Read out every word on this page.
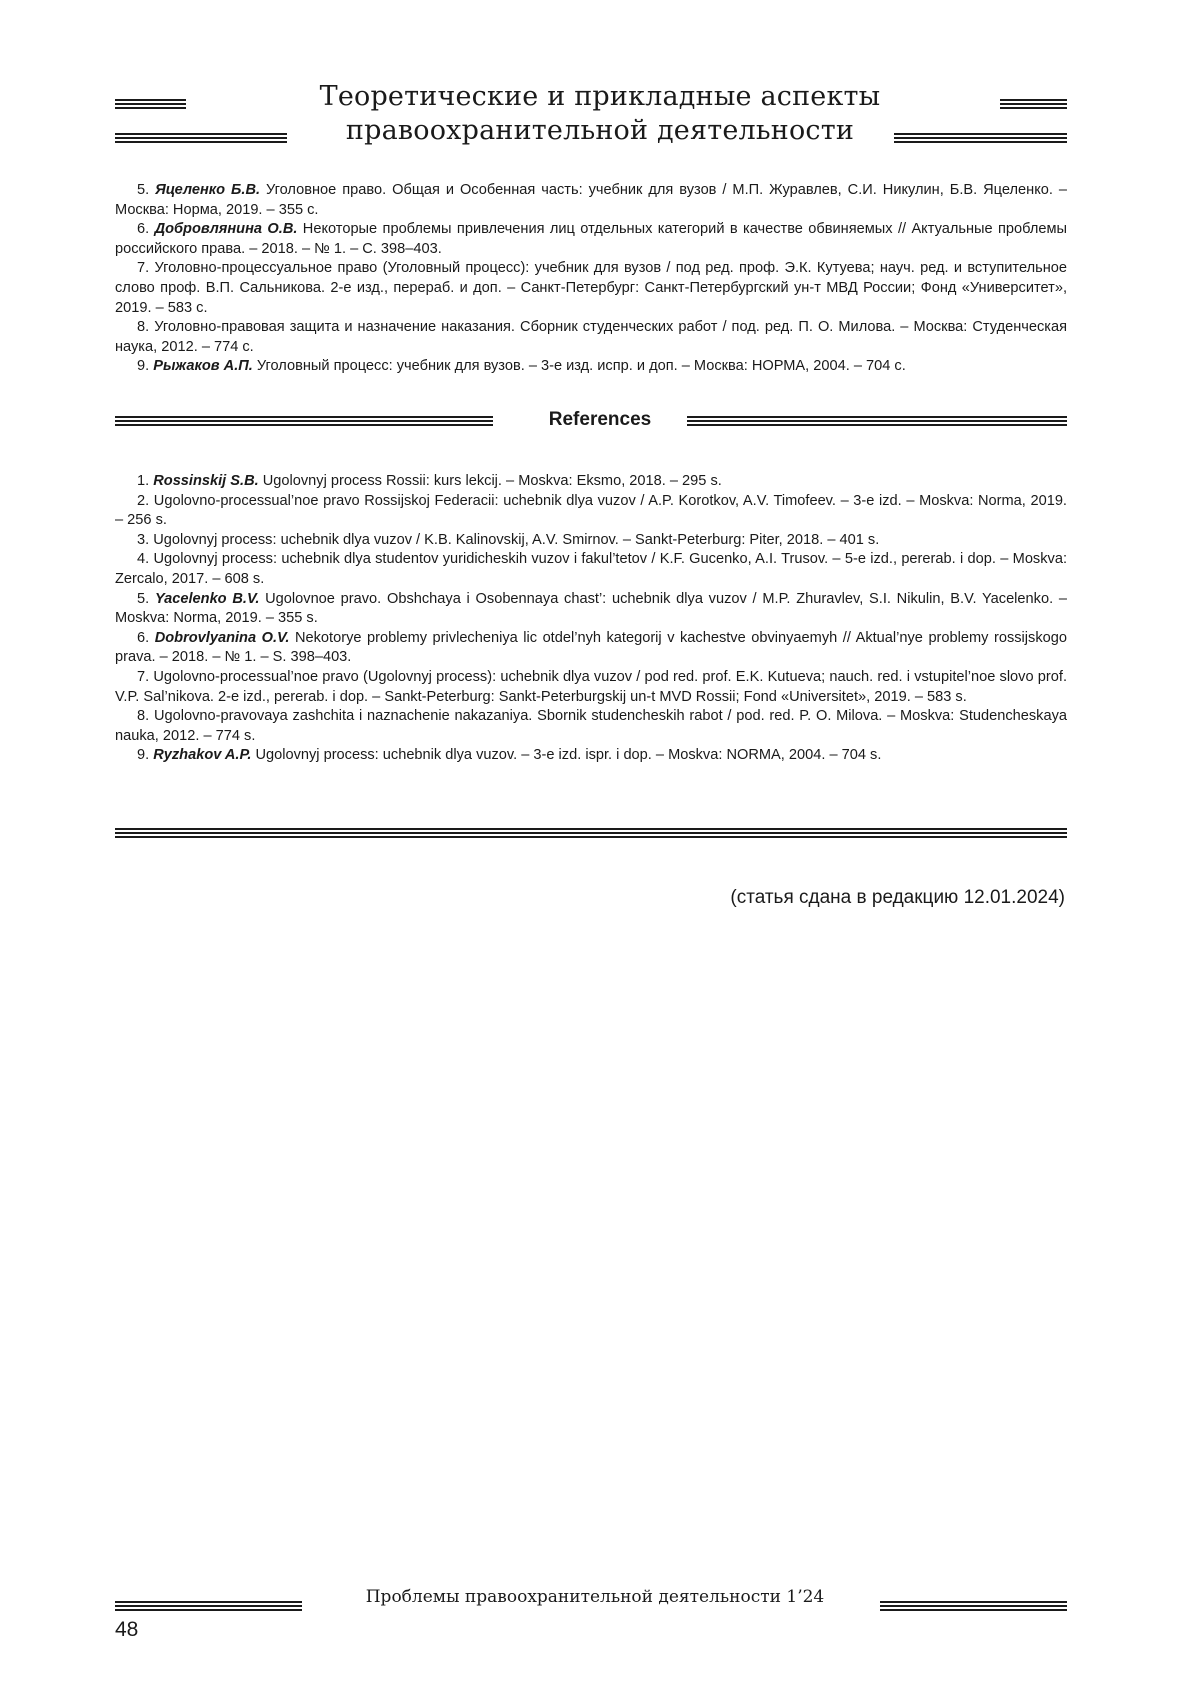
Теоретические и прикладные аспекты
правоохранительной деятельности

5. Яцеленко Б.В. Уголовное право. Общая и Особенная часть: учебник для вузов / М.П. Журавлев, С.И. Никулин, Б.В. Яцеленко. – Москва: Норма, 2019. – 355 с.

6. Добровлянина О.В. Некоторые проблемы привлечения лиц отдельных категорий в качестве обвиняемых // Актуальные проблемы российского права. – 2018. – № 1. – С. 398–403.

7. Уголовно-процессуальное право (Уголовный процесс): учебник для вузов / под ред. проф. Э.К. Кутуева; науч. ред. и вступительное слово проф. В.П. Сальникова. 2-е изд., перераб. и доп. – Санкт-Петербург: Санкт-Петербургский ун-т МВД России; Фонд «Университет», 2019. – 583 с.

8. Уголовно-правовая защита и назначение наказания. Сборник студенческих работ / под. ред. П. О. Милова. – Москва: Студенческая наука, 2012. – 774 с.

9. Рыжаков А.П. Уголовный процесс: учебник для вузов. – 3-е изд. испр. и доп. – Москва: НОРМА, 2004. – 704 с.

References

1. Rossinskij S.B. Ugolovnyj process Rossii: kurs lekcij. – Moskva: Eksmo, 2018. – 295 s.

2. Ugolovno-processual’noe pravo Rossijskoj Federacii: uchebnik dlya vuzov / A.P. Korotkov, A.V. Timofeev. – 3-e izd. – Moskva: Norma, 2019. – 256 s.

3. Ugolovnyj process: uchebnik dlya vuzov / K.B. Kalinovskij, A.V. Smirnov. – Sankt-Peterburg: Piter, 2018. – 401 s.

4. Ugolovnyj process: uchebnik dlya studentov yuridicheskih vuzov i fakul’tetov / K.F. Gucenko, A.I. Trusov. – 5-e izd., pererab. i dop. – Moskva: Zercalo, 2017. – 608 s.

5. Yacelenko B.V. Ugolovnoe pravo. Obshchaya i Osobennaya chast’: uchebnik dlya vuzov / M.P. Zhuravlev, S.I. Nikulin, B.V. Yacelenko. – Moskva: Norma, 2019. – 355 s.

6. Dobrovlyanina O.V. Nekotorye problemy privlecheniya lic otdel’nyh kategorij v kachestve obvinyaemyh // Aktual’nye problemy rossijskogo prava. – 2018. – № 1. – S. 398–403.

7. Ugolovno-processual’noe pravo (Ugolovnyj process): uchebnik dlya vuzov / pod red. prof. E.K. Kutueva; nauch. red. i vstupitel’noe slovo prof. V.P. Sal’nikova. 2-e izd., pererab. i dop. – Sankt-Peterburg: Sankt-Peterburgskij un-t MVD Rossii; Fond «Universitet», 2019. – 583 s.

8. Ugolovno-pravovaya zashchita i naznachenie nakazaniya. Sbornik studencheskih rabot / pod. red. P. O. Milova. – Moskva: Studencheskaya nauka, 2012. – 774 s.

9. Ryzhakov A.P. Ugolovnyj process: uchebnik dlya vuzov. – 3-e izd. ispr. i dop. – Moskva: NORMA, 2004. – 704 s.

(статья сдана в редакцию 12.01.2024)
Проблемы правоохранительной деятельности 1’24
48
